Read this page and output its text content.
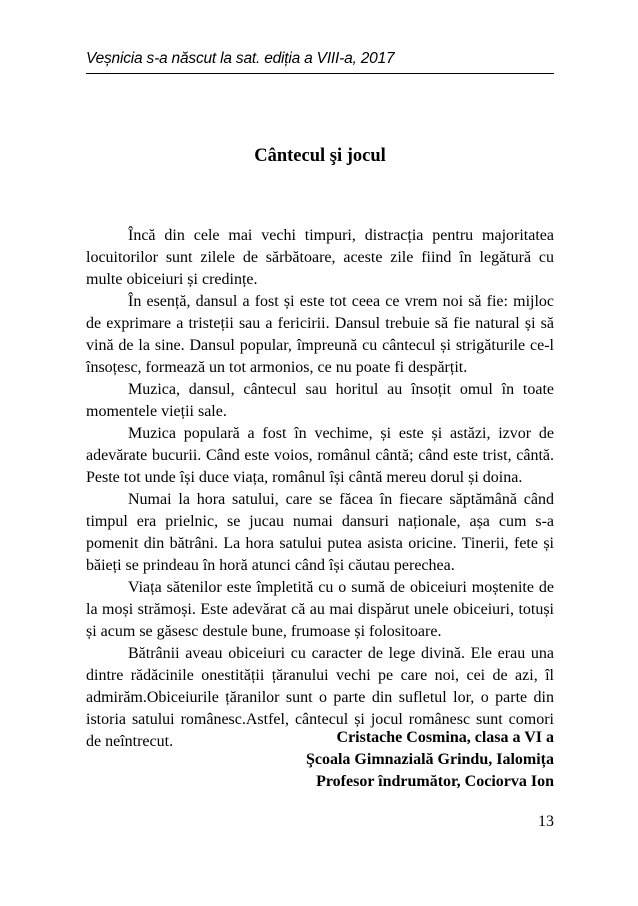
Veșnicia s-a născut la sat. ediția a VIII-a, 2017
Cântecul şi jocul

Încă din cele mai vechi timpuri, distracția pentru majoritatea locuitorilor sunt zilele de sărbătoare, aceste zile fiind în legătură cu multe obiceiuri și credințe.

În esență, dansul a fost și este tot ceea ce vrem noi să fie: mijloc de exprimare a tristeții sau a fericirii. Dansul trebuie să fie natural și să vină de la sine. Dansul popular, împreună cu cântecul și strigăturile ce-l însoțesc, formează un tot armonios, ce nu poate fi despărțit.

Muzica, dansul, cântecul sau horitul au însoțit omul în toate momentele vieții sale.

Muzica populară a fost în vechime, și este și astăzi, izvor de adevărate bucurii. Când este voios, românul cântă; când este trist, cântă. Peste tot unde își duce viața, românul își cântă mereu dorul și doina.

Numai la hora satului, care se făcea în fiecare săptămână când timpul era prielnic, se jucau numai dansuri naționale, așa cum s-a pomenit din bătrâni. La hora satului putea asista oricine. Tinerii, fete și băieți se prindeau în horă atunci când își căutau perechea.

Viața sătenilor este împletită cu o sumă de obiceiuri moștenite de la moși strămoși. Este adevărat că au mai dispărut unele obiceiuri, totuși și acum se găsesc destule bune, frumoase și folositoare.

Bătrânii aveau obiceiuri cu caracter de lege divină. Ele erau una dintre rădăcinile onestității țăranului vechi pe care noi, cei de azi, îl admirăm.Obiceiurile țăranilor sunt o parte din sufletul lor, o parte din istoria satului românesc.Astfel, cântecul și jocul românesc sunt comori de neîntrecut.	Cristache Cosmina, clasa a VI a
Şcoala Gimnazială Grindu, Ialomița
Profesor îndrumător, Cociorva Ion
13
